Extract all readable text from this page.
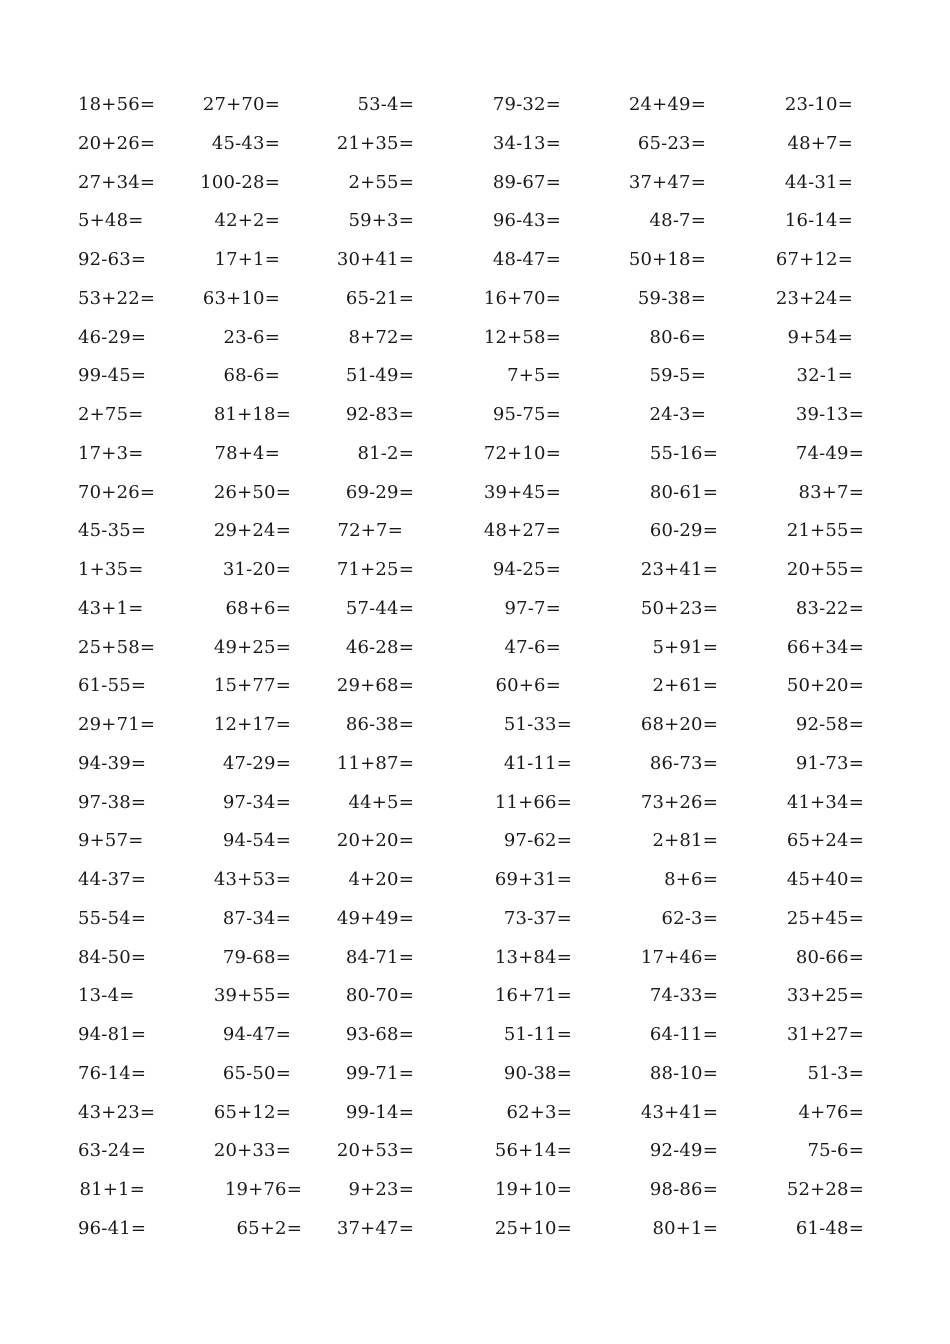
18+56=	27+70=	53-4=	79-32=	24+49=	23-10=
20+26=	45-43=	21+35=	34-13=	65-23=	48+7=
27+34= 100-28=	2+55=	89-67=	37+47=	44-31=
5+48=	42+2=	59+3=	96-43=	48-7=	16-14=
92-63=	17+1=	30+41=	48-47=	50+18=	67+12=
53+22=	63+10=	65-21=	16+70=	59-38=	23+24=
46-29=	23-6=	8+72=	12+58=	80-6=	9+54=
99-45=	68-6=	51-49=	7+5=	59-5=	32-1=
2+75=	81+18=	92-83=	95-75=	24-3=	39-13=
17+3=	78+4=	81-2=	72+10=	55-16=	74-49=
70+26=	26+50=	69-29=	39+45=	80-61=	83+7=
45-35=	29+24=	72+7=	48+27=	60-29=	21+55=
1+35=	31-20=	71+25=	94-25=	23+41=	20+55=
43+1=	68+6=	57-44=	97-7=	50+23=	83-22=
25+58=	49+25=	46-28=	47-6=	5+91=	66+34=
61-55=	15+77=	29+68=	60+6=	2+61=	50+20=
29+71=	12+17=	86-38=	51-33=	68+20=	92-58=
94-39=	47-29=	11+87=	41-11=	86-73=	91-73=
97-38=	97-34=	44+5=	11+66=	73+26=	41+34=
9+57=	94-54=	20+20=	97-62=	2+81=	65+24=
44-37=	43+53=	4+20=	69+31=	8+6=	45+40=
55-54=	87-34=	49+49=	73-37=	62-3=	25+45=
84-50=	79-68=	84-71=	13+84=	17+46=	80-66=
13-4=	39+55=	80-70=	16+71=	74-33=	33+25=
94-81=	94-47=	93-68=	51-11=	64-11=	31+27=
76-14=	65-50=	99-71=	90-38=	88-10=	51-3=
43+23=	65+12=	99-14=	62+3=	43+41=	4+76=
63-24=	20+33=	20+53=	56+14=	92-49=	75-6=
81+1=	19+76=	9+23=	19+10=	98-86=	52+28=
96-41=	65+2= 37+47=	25+10=	80+1=	61-48=
